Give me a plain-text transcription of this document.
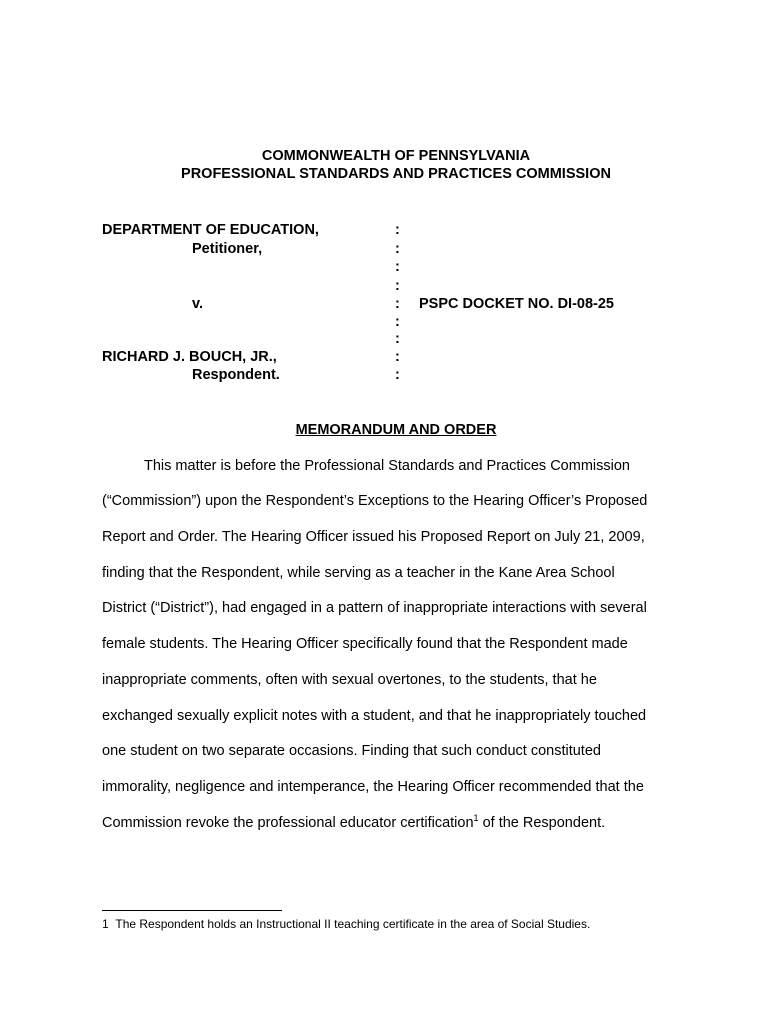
COMMONWEALTH OF PENNSYLVANIA
PROFESSIONAL STANDARDS AND PRACTICES COMMISSION
DEPARTMENT OF EDUCATION,
Petitioner,
v.
RICHARD J. BOUCH, JR.,
Respondent.
:
:
:
:
:
:
:
:
:
PSPC DOCKET NO. DI-08-25
MEMORANDUM AND ORDER
This matter is before the Professional Standards and Practices Commission
(“Commission”) upon the Respondent’s Exceptions to the Hearing Officer’s Proposed
Report and Order. The Hearing Officer issued his Proposed Report on July 21, 2009,
finding that the Respondent, while serving as a teacher in the Kane Area School
District (“District”), had engaged in a pattern of inappropriate interactions with several
female students. The Hearing Officer specifically found that the Respondent made
inappropriate comments, often with sexual overtones, to the students, that he
exchanged sexually explicit notes with a student, and that he inappropriately touched
one student on two separate occasions. Finding that such conduct constituted
immorality, negligence and intemperance, the Hearing Officer recommended that the
Commission revoke the professional educator certification$^1$ of the Respondent.
1 The Respondent holds an Instructional II teaching certificate in the area of Social Studies.
